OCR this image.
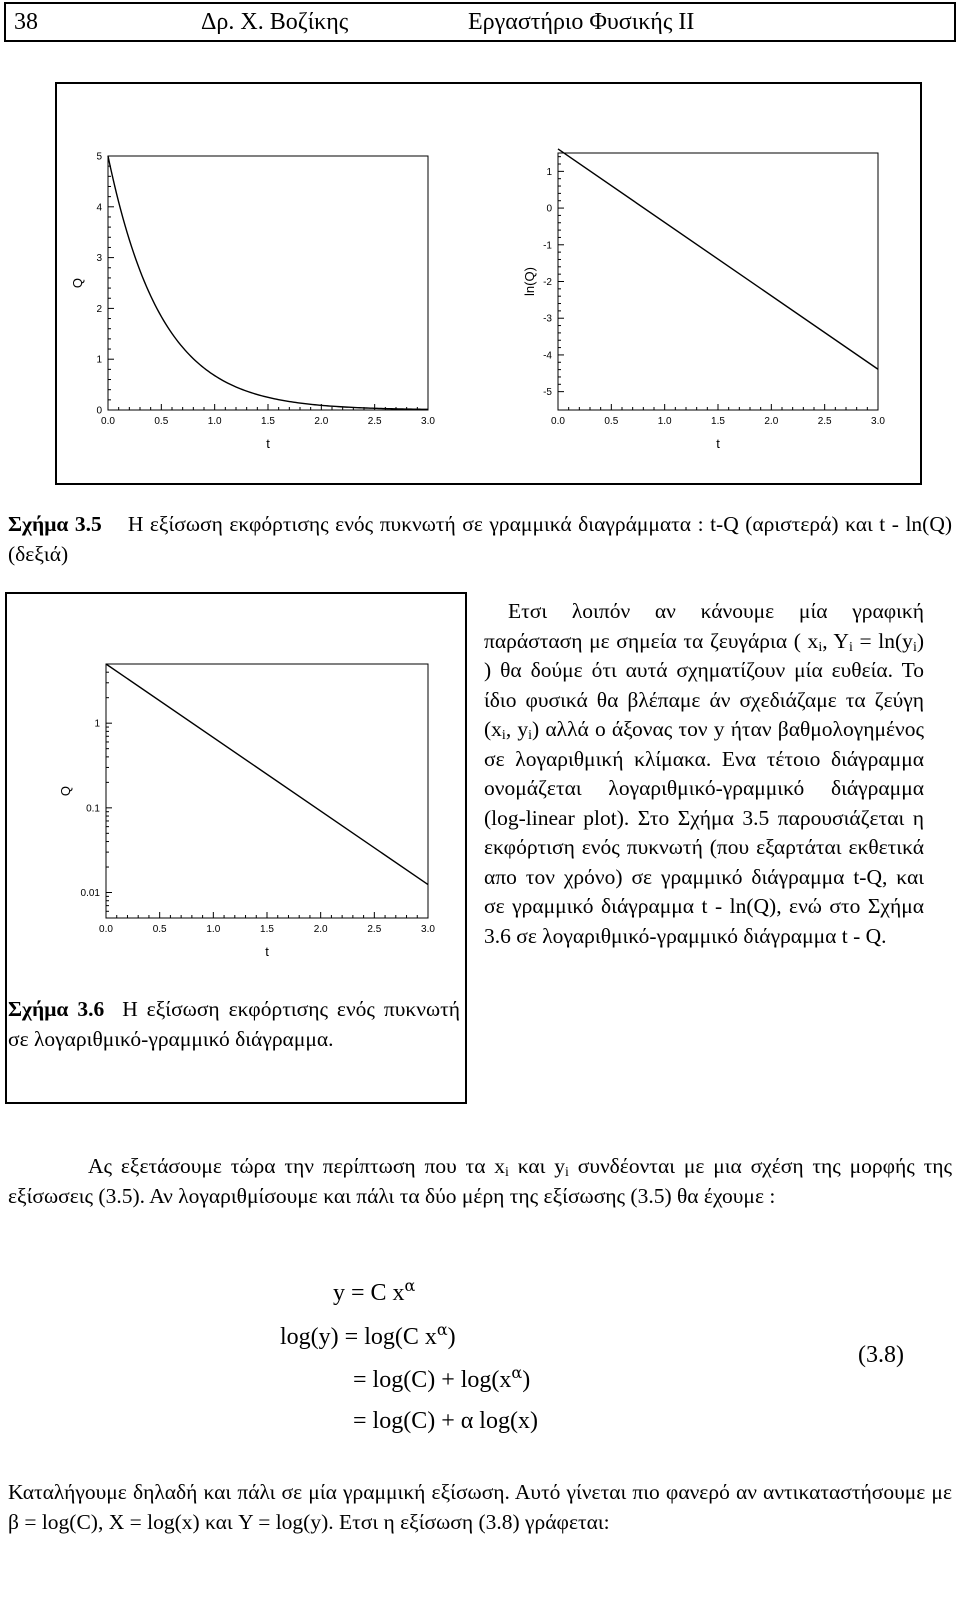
38	Δρ. Χ. Βοζίκης	Εργαστήριο Φυσικής ΙΙ
0.0	0.5	1.0	1.5	2.0	2.5	3.0
0
1
2
3
4
5
t
Q
0.0	0.5	1.0	1.5	2.0	2.5	3.0
-5
-4
-3
-2
-1
0
1
t
ln(Q)
Σχήμα 3.5 Η εξίσωση εκφόρτισης ενός πυκνωτή σε γραμμικά διαγράμματα : t-Q (αριστερά) και t - ln(Q) (δεξιά)
0.0	0.5	1.0	1.5	2.0	2.5	3.0
0.01
0.1
1
t
Q
Σχήμα 3.6 Η εξίσωση εκφόρτισης ενός πυκνωτή σε λογαριθμικό-γραμμικό διάγραμμα.
Ετσι λοιπόν αν κάνουμε μία γραφική παράσταση με σημεία τα ζευγάρια ( $x_i$, $Y_i = \ln(y_i)$ ) θα δούμε ότι αυτά σχηματίζουν μία ευθεία. Το ίδιο φυσικά θα βλέπαμε άν σχεδιάζαμε τα ζεύγη ($x_i$, $y_i$) αλλά ο άξονας τον y ήταν βαθμολογημένος σε λογαριθμική κλίμακα. Ενα τέτοιο διάγραμμα ονομάζεται λογαριθμικό-γραμμικό διάγραμμα (log-linear plot). Στο Σχήμα 3.5 παρουσιάζεται η εκφόρτιση ενός πυκνωτή (που εξαρτάται εκθετικά απο τον χρόνο) σε γραμμικό διάγραμμα t-Q, και σε γραμμικό διάγραμμα t - ln(Q), ενώ στο Σχήμα 3.6 σε λογαριθμικό-γραμμικό διάγραμμα t - Q.
Ας εξετάσουμε τώρα την περίπτωση που τα $x_i$ και $y_i$ συνδέονται με μια σχέση της μορφής της εξίσωσεις (3.5). Αν λογαριθμίσουμε και πάλι τα δύο μέρη της εξίσωσης (3.5) θα έχουμε :
y = C $x^\alpha$
log(y) = log(C $x^\alpha$)
= $\log(C) + \log(x^\alpha)$
= log(C) + α log(x)
(3.8)
Καταλήγουμε δηλαδή και πάλι σε μία γραμμική εξίσωση. Αυτό γίνεται πιο φανερό αν αντικαταστήσουμε με β = log(C), X = log(x) και Y = log(y). Ετσι η εξίσωση (3.8) γράφεται:
